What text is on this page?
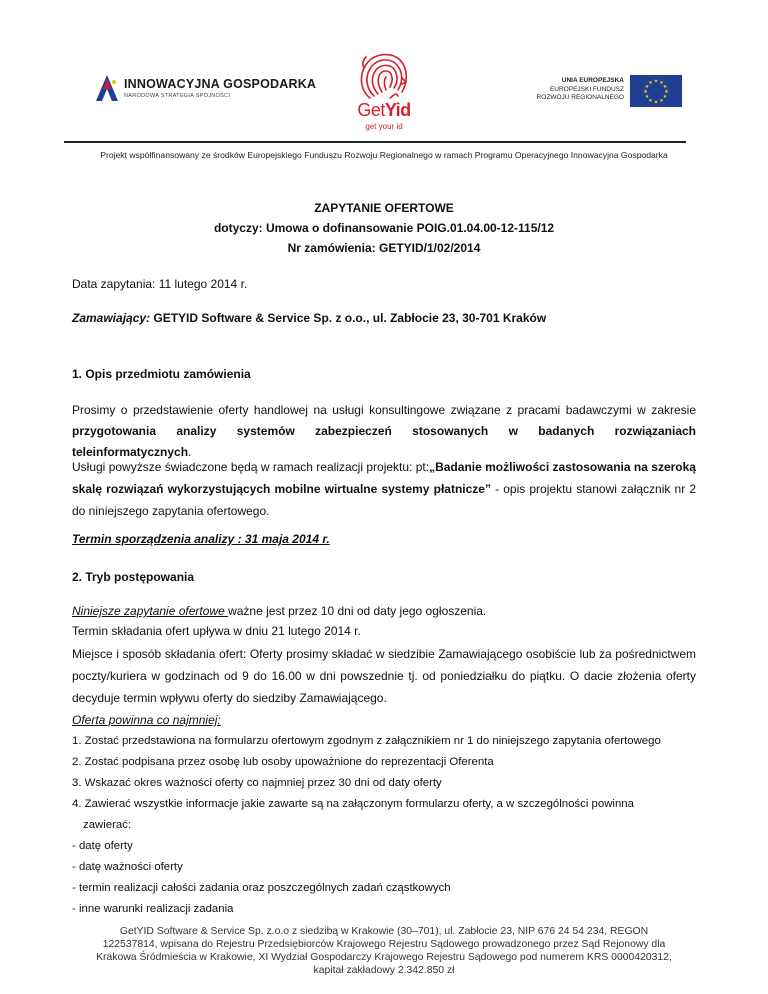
INNOWACYJNA GOSPODARKA
NARODOWA STRATEGIA SPÓJNOŚCI
GetYid
get your id
UNIA EUROPEJSKA
EUROPEJSKI FUNDUSZ
ROZWOJU REGIONALNEGO
★ ★
★
★
★
★
★
★
★
★
★
★
Projekt współfinansowany ze środków Europejskiego Funduszu Rozwoju Regionalnego w ramach Programu Operacyjnego Innowacyjna Gospodarka
ZAPYTANIE OFERTOWE
dotyczy: Umowa o dofinansowanie POIG.01.04.00-12-115/12
Nr zamówienia: GETYID/1/02/2014
Data zapytania: 11 lutego 2014 r.
Zamawiający: GETYID Software & Service Sp. z o.o., ul. Zabłocie 23, 30-701 Kraków
1. Opis przedmiotu zamówienia
Prosimy o przedstawienie oferty handlowej na usługi konsultingowe związane z pracami badawczymi w zakresie przygotowania analizy systemów zabezpieczeń stosowanych w badanych rozwiązaniach teleinformatycznych.
Usługi powyższe świadczone będą w ramach realizacji projektu: pt:„Badanie możliwości zastosowania na szeroką skalę rozwiązań wykorzystujących mobilne wirtualne systemy płatnicze” - opis projektu stanowi załącznik nr 2 do niniejszego zapytania ofertowego.
Termin sporządzenia analizy : 31 maja 2014 r.
2. Tryb postępowania
Niniejsze zapytanie ofertowe ważne jest przez 10 dni od daty jego ogłoszenia.
Termin składania ofert upływa w dniu 21 lutego 2014 r.
Miejsce i sposób składania ofert: Oferty prosimy składać w siedzibie Zamawiającego osobiście lub za pośrednictwem poczty/kuriera w godzinach od 9 do 16.00 w dni powszednie tj. od poniedziałku do piątku. O dacie złożenia oferty decyduje termin wpływu oferty do siedziby Zamawiającego.
Oferta powinna co najmniej:
1. Zostać przedstawiona na formularzu ofertowym zgodnym z załącznikiem nr 1 do niniejszego zapytania ofertowego
2. Zostać podpisana przez osobę lub osoby upoważnione do reprezentacji Oferenta
3. Wskazać okres ważności oferty co najmniej przez 30 dni od daty oferty
4. Zawierać wszystkie informacje jakie zawarte są na załączonym formularzu oferty, a w szczególności powinna
zawierać:
- datę oferty
- datę ważności oferty
- termin realizacji całości zadania oraz poszczególnych zadań cząstkowych
- inne warunki realizacji zadania
GetYID Software & Service Sp. z.o.o z siedzibą w Krakowie (30–701), ul. Zabłocie 23, NIP 676 24 54 234, REGON
122537814, wpisana do Rejestru Przedsiębiorców Krajowego Rejestru Sądowego prowadzonego przez Sąd Rejonowy dla
Krakowa Śródmieścia w Krakowie, XI Wydział Gospodarczy Krajowego Rejestru Sądowego pod numerem KRS 0000420312,
kapitał zakładowy 2.342.850 zł
